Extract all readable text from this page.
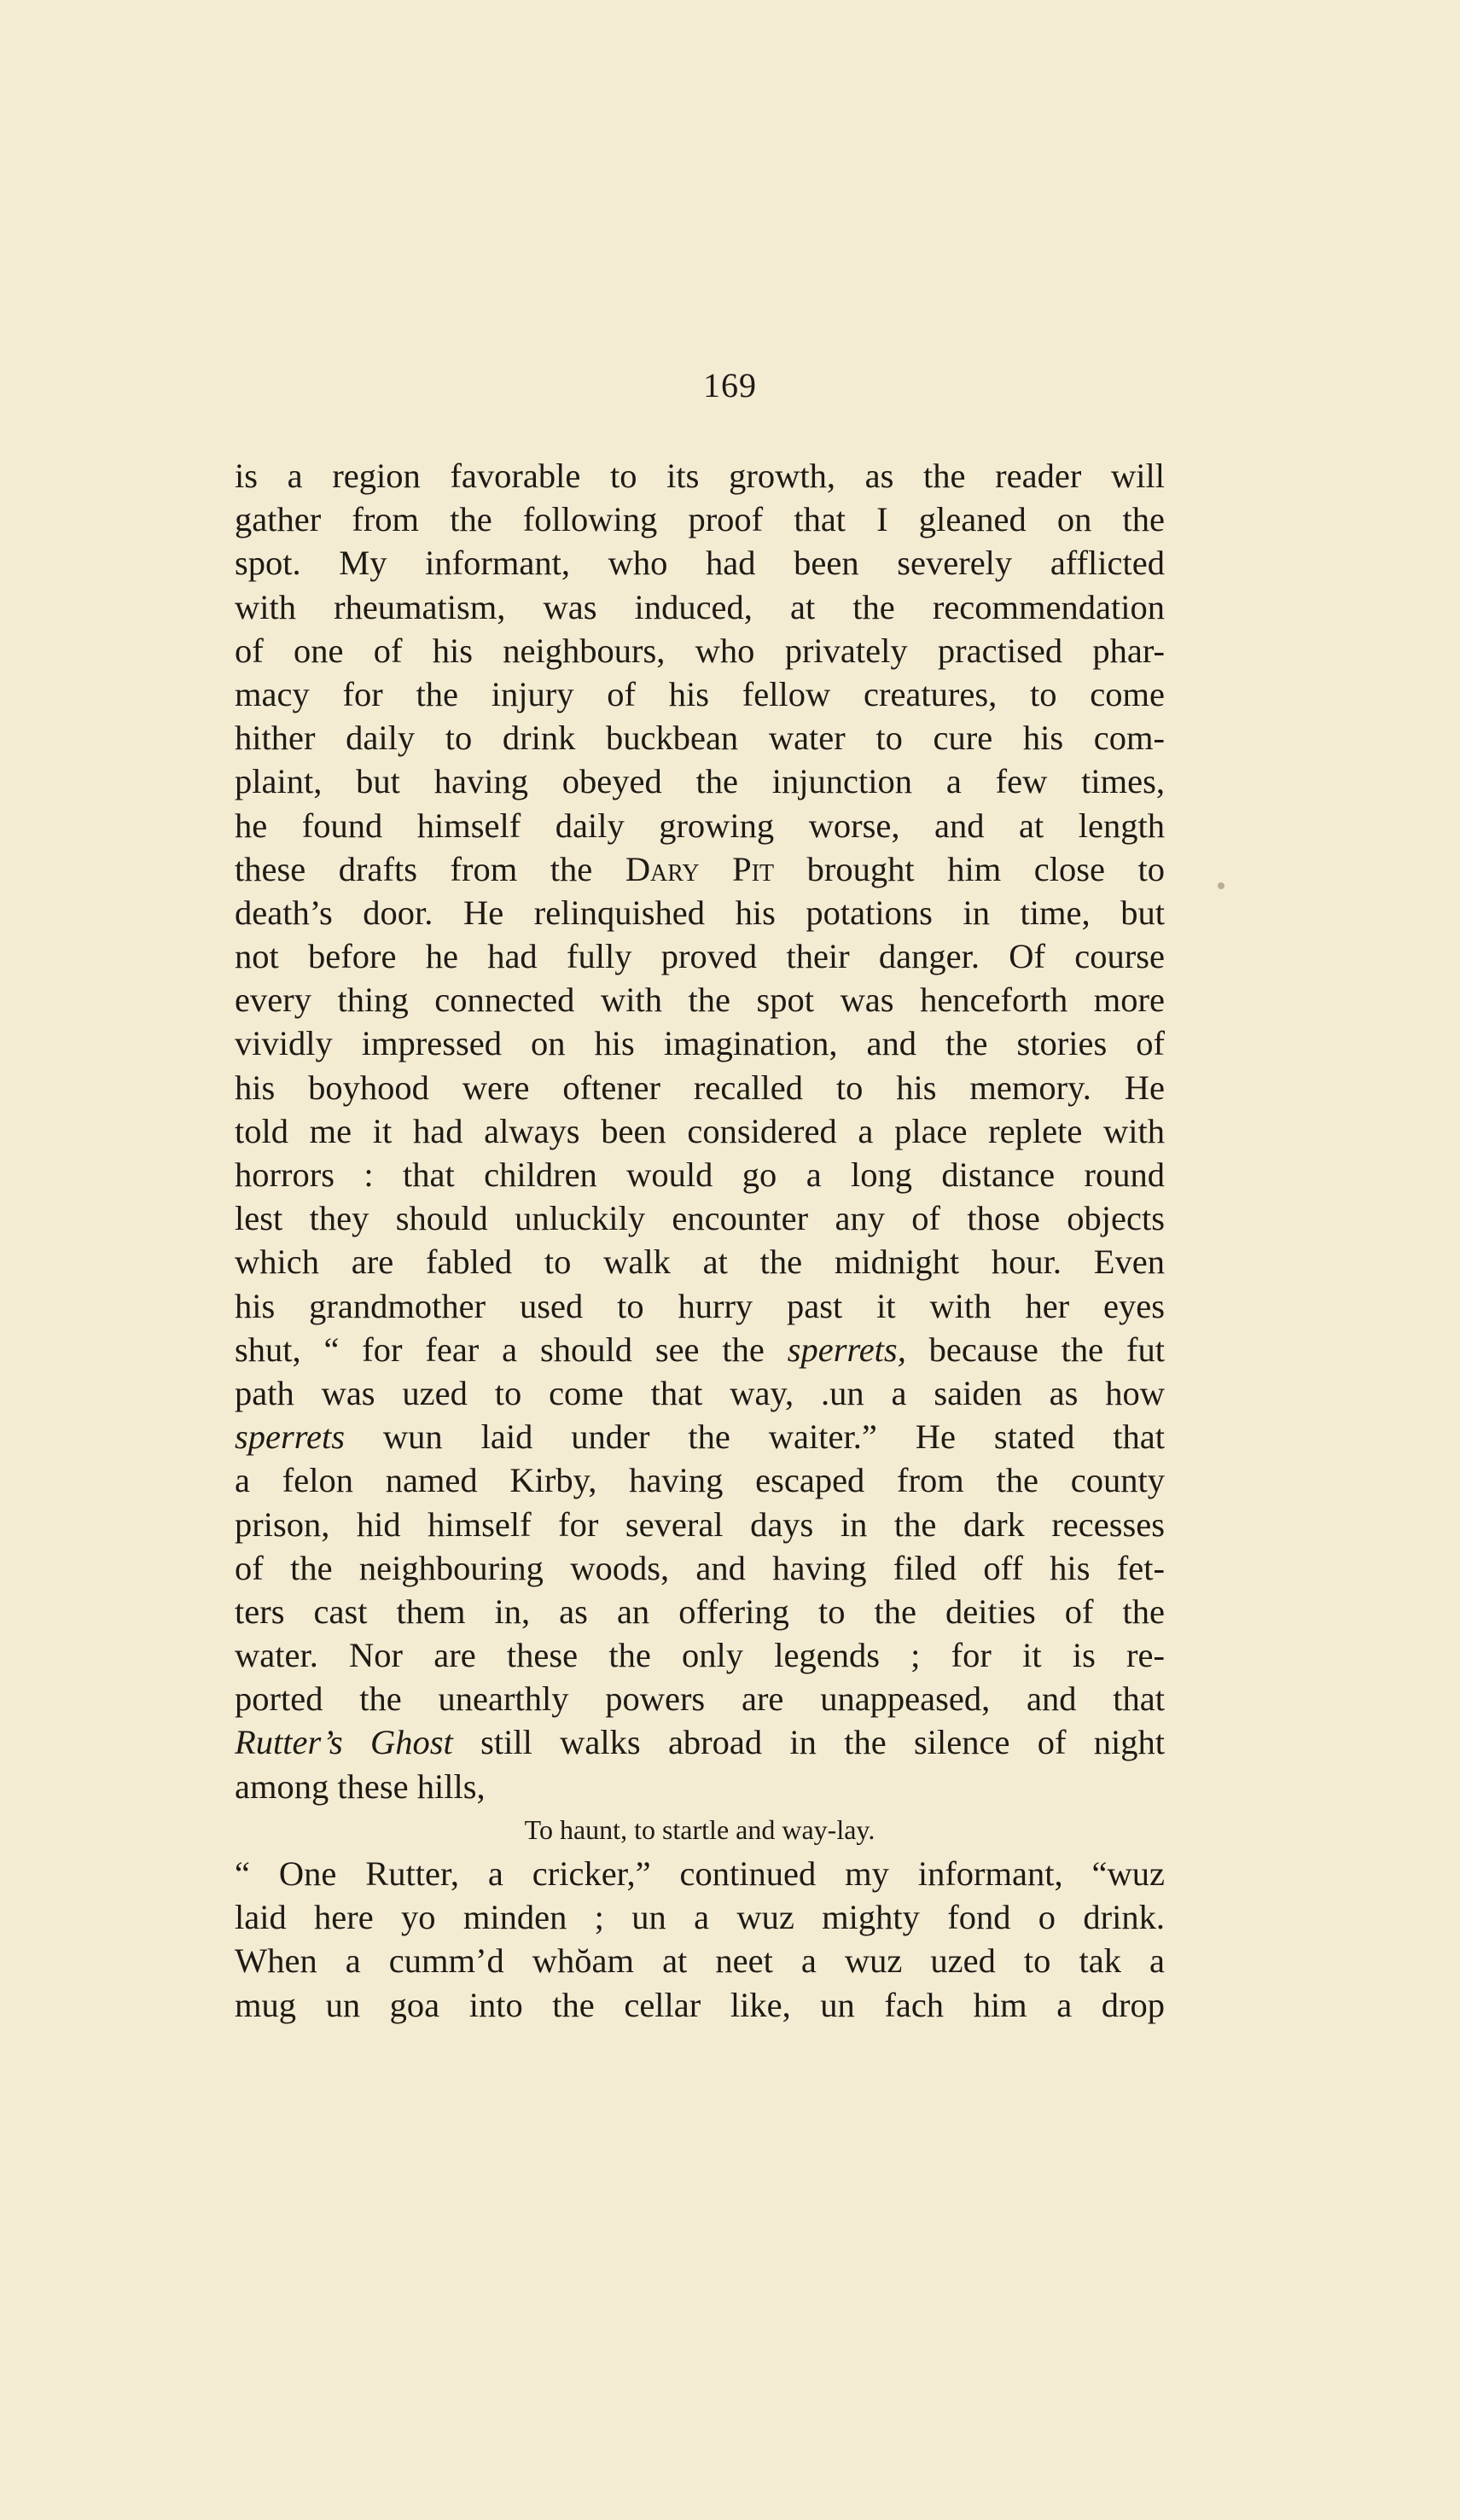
169
is a region favorable to its growth, as the reader will
gather from the following proof that I gleaned on the
spot. My informant, who had been severely afflicted
with rheumatism, was induced, at the recommendation
of one of his neighbours, who privately practised phar-
macy for the injury of his fellow creatures, to come
hither daily to drink buckbean water to cure his com-
plaint, but having obeyed the injunction a few times,
he found himself daily growing worse, and at length
these drafts from the Dary Pit brought him close to
death’s door. He relinquished his potations in time, but
not before he had fully proved their danger. Of course
every thing connected with the spot was henceforth more
vividly impressed on his imagination, and the stories of
his boyhood were oftener recalled to his memory. He
told me it had always been considered a place replete with
horrors : that children would go a long distance round
lest they should unluckily encounter any of those objects
which are fabled to walk at the midnight hour. Even
his grandmother used to hurry past it with her eyes
shut, “ for fear a should see the sperrets, because the fut
path was uzed to come that way, .un a saiden as how
sperrets wun laid under the waiter.” He stated that
a felon named Kirby, having escaped from the county
prison, hid himself for several days in the dark recesses
of the neighbouring woods, and having filed off his fet-
ters cast them in, as an offering to the deities of the
water. Nor are these the only legends ; for it is re-
ported the unearthly powers are unappeased, and that
Rutter’s Ghost still walks abroad in the silence of night
among these hills,
To haunt, to startle and way-lay.
“ One Rutter, a cricker,” continued my informant, “wuz
laid here yo minden ; un a wuz mighty fond o drink.
When a cumm’d whŏam at neet a wuz uzed to tak a
mug un goa into the cellar like, un fach him a drop
